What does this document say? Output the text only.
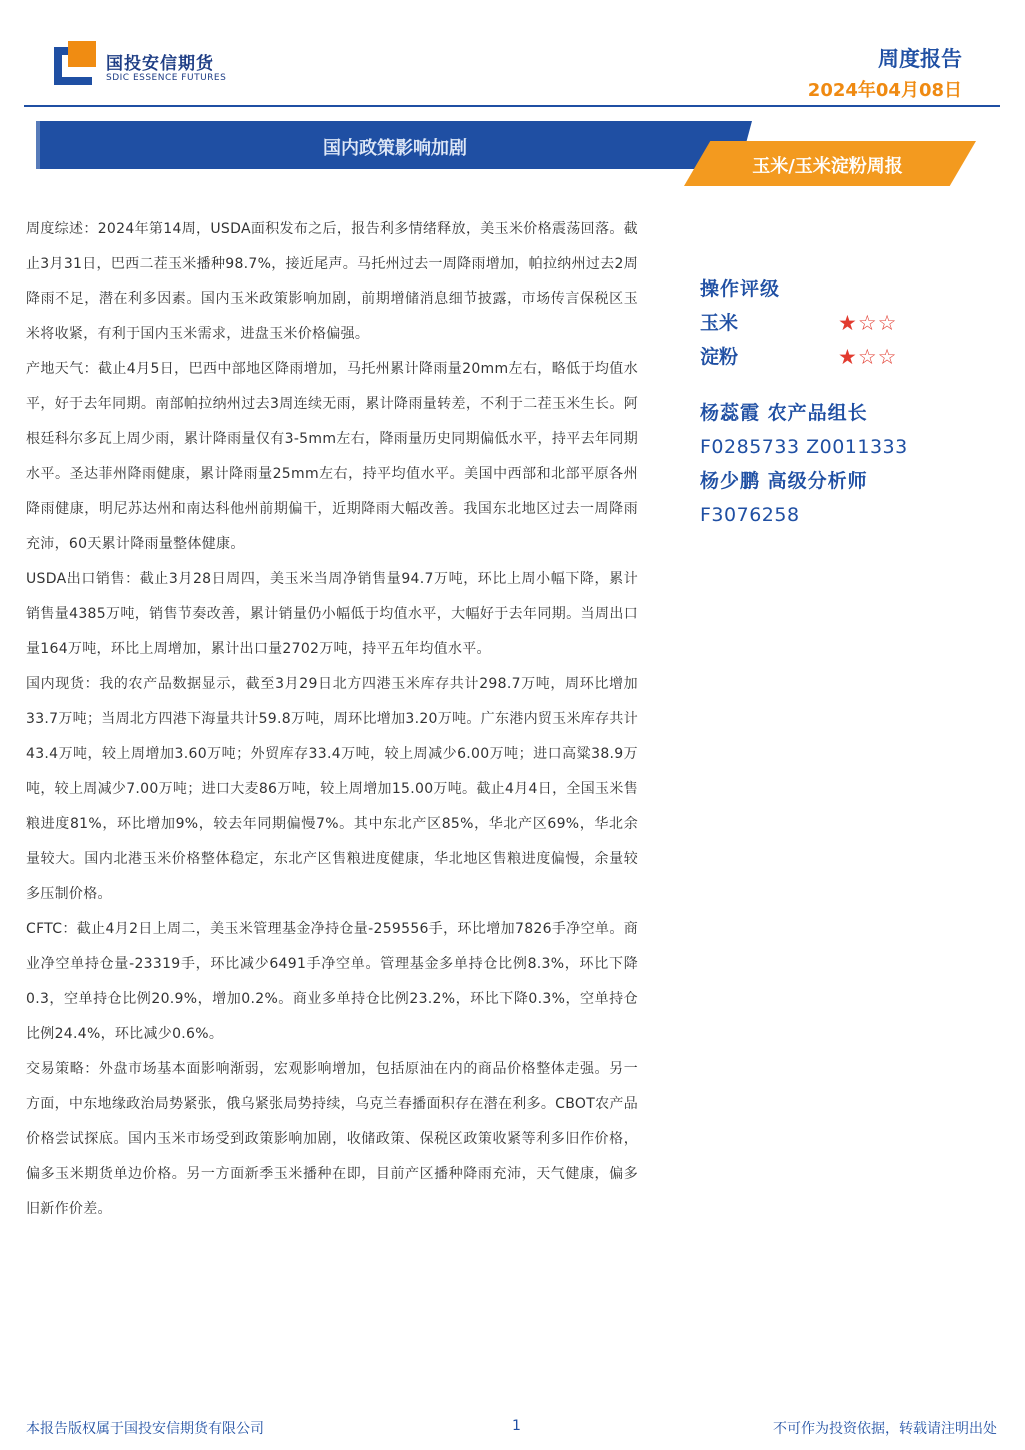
国投安信期货
SDIC ESSENCE FUTURES
周度报告
2024年04月08日
国内政策影响加剧
玉米/玉米淀粉周报

周度综述：2024年第14周，USDA面积发布之后，报告利多情绪释放，美玉米价格震荡回落。截止3月31日，巴西二茬玉米播种98.7%，接近尾声。马托州过去一周降雨增加，帕拉纳州过去2周降雨不足，潜在利多因素。国内玉米政策影响加剧，前期增储消息细节披露，市场传言保税区玉米将收紧，有利于国内玉米需求，进盘玉米价格偏强。

产地天气：截止4月5日，巴西中部地区降雨增加，马托州累计降雨量20mm左右，略低于均值水平，好于去年同期。南部帕拉纳州过去3周连续无雨，累计降雨量转差，不利于二茬玉米生长。阿根廷科尔多瓦上周少雨，累计降雨量仅有3-5mm左右，降雨量历史同期偏低水平，持平去年同期水平。圣达菲州降雨健康，累计降雨量25mm左右，持平均值水平。美国中西部和北部平原各州降雨健康，明尼苏达州和南达科他州前期偏干，近期降雨大幅改善。我国东北地区过去一周降雨充沛，60天累计降雨量整体健康。

USDA出口销售：截止3月28日周四，美玉米当周净销售量94.7万吨，环比上周小幅下降，累计销售量4385万吨，销售节奏改善，累计销量仍小幅低于均值水平，大幅好于去年同期。当周出口量164万吨，环比上周增加，累计出口量2702万吨，持平五年均值水平。

国内现货：我的农产品数据显示，截至3月29日北方四港玉米库存共计298.7万吨，周环比增加33.7万吨；当周北方四港下海量共计59.8万吨，周环比增加3.20万吨。广东港内贸玉米库存共计43.4万吨，较上周增加3.60万吨；外贸库存33.4万吨，较上周减少6.00万吨；进口高粱38.9万吨，较上周减少7.00万吨；进口大麦86万吨，较上周增加15.00万吨。截止4月4日，全国玉米售粮进度81%，环比增加9%，较去年同期偏慢7%。其中东北产区85%，华北产区69%，华北余量较大。国内北港玉米价格整体稳定，东北产区售粮进度健康，华北地区售粮进度偏慢，余量较多压制价格。

CFTC：截止4月2日上周二，美玉米管理基金净持仓量-259556手，环比增加7826手净空单。商业净空单持仓量-23319手，环比减少6491手净空单。管理基金多单持仓比例8.3%，环比下降0.3，空单持仓比例20.9%，增加0.2%。商业多单持仓比例23.2%，环比下降0.3%，空单持仓比例24.4%，环比减少0.6%。

交易策略：外盘市场基本面影响渐弱，宏观影响增加，包括原油在内的商品价格整体走强。另一方面，中东地缘政治局势紧张，俄乌紧张局势持续，乌克兰春播面积存在潜在利多。CBOT农产品价格尝试探底。国内玉米市场受到政策影响加剧，收储政策、保税区政策收紧等利多旧作价格，偏多玉米期货单边价格。另一方面新季玉米播种在即，目前产区播种降雨充沛，天气健康，偏多旧新作价差。

操作评级
玉米	★☆☆
淀粉	★☆☆
杨蕊霞 农产品组长
F0285733 Z0011333
杨少鹏 高级分析师
F3076258
本报告版权属于国投安信期货有限公司	1	不可作为投资依据，转载请注明出处
